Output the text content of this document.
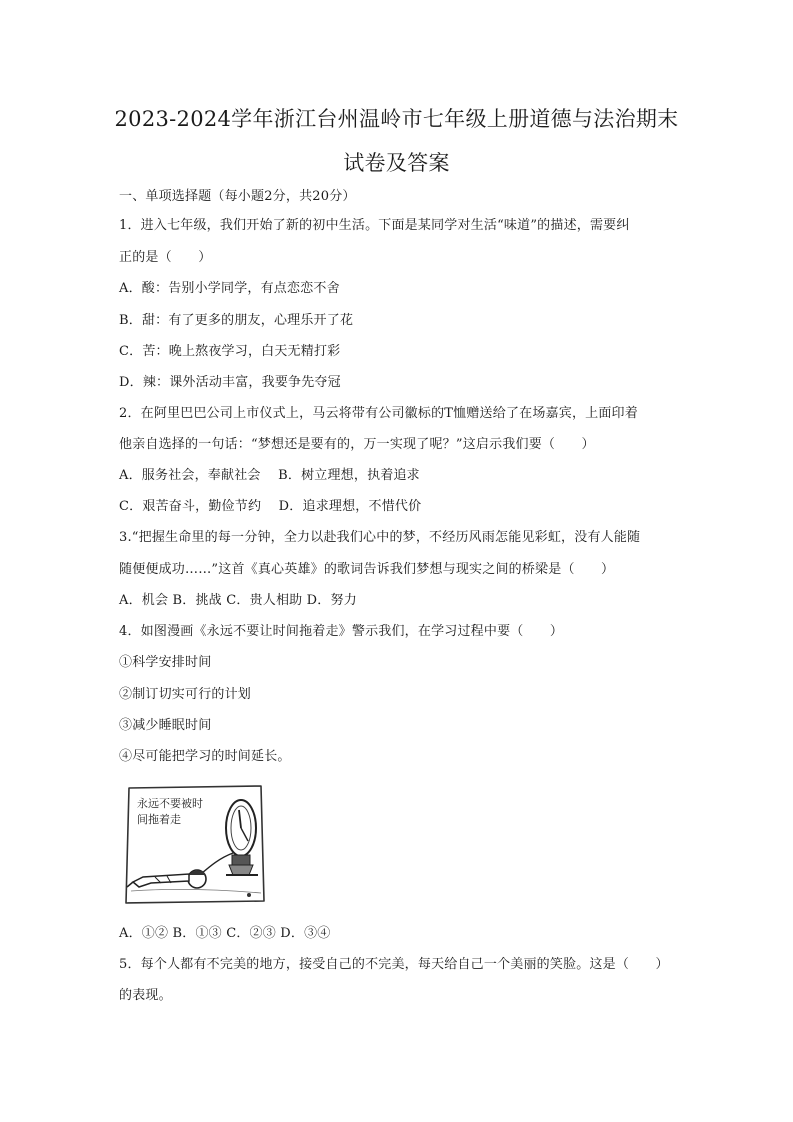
2023-2024学年浙江台州温岭市七年级上册道德与法治期末
试卷及答案
一、单项选择题（每小题2分，共20分）
1．进入七年级，我们开始了新的初中生活。下面是某同学对生活“味道”的描述，需要纠
正的是（　　）
A．酸：告别小学同学，有点恋恋不舍
B．甜：有了更多的朋友，心理乐开了花
C．苦：晚上熬夜学习，白天无精打彩
D．辣：课外活动丰富，我要争先夺冠
2．在阿里巴巴公司上市仪式上，马云将带有公司徽标的T恤赠送给了在场嘉宾，上面印着
他亲自选择的一句话：“梦想还是要有的，万一实现了呢？”这启示我们要（　　）
A．服务社会，奉献社会　 B．树立理想，执着追求
C．艰苦奋斗，勤俭节约　 D．追求理想，不惜代价
3.“把握生命里的每一分钟，全力以赴我们心中的梦，不经历风雨怎能见彩虹，没有人能随
随便便成功……”这首《真心英雄》的歌词告诉我们梦想与现实之间的桥梁是（　　）
A．机会 B．挑战 C．贵人相助 D．努力
4．如图漫画《永远不要让时间拖着走》警示我们，在学习过程中要（　　）
①科学安排时间
②制订切实可行的计划
③减少睡眠时间
④尽可能把学习的时间延长。
永远不要被时
间拖着走
A．①② B．①③ C．②③ D．③④
5．每个人都有不完美的地方，接受自己的不完美，每天给自己一个美丽的笑脸。这是（　　）
的表现。
